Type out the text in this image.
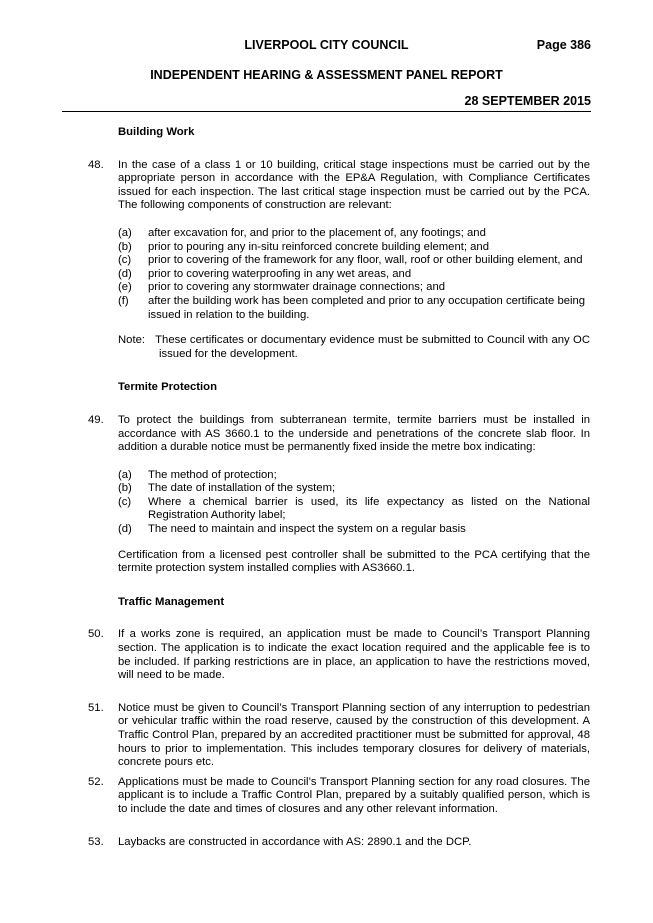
LIVERPOOL CITY COUNCIL	Page 386
INDEPENDENT HEARING & ASSESSMENT PANEL REPORT
28 SEPTEMBER 2015
Building Work
48. In the case of a class 1 or 10 building, critical stage inspections must be carried out by the appropriate person in accordance with the EP&A Regulation, with Compliance Certificates issued for each inspection. The last critical stage inspection must be carried out by the PCA. The following components of construction are relevant:
(a) after excavation for, and prior to the placement of, any footings; and
(b) prior to pouring any in-situ reinforced concrete building element; and
(c) prior to covering of the framework for any floor, wall, roof or other building element, and
(d) prior to covering waterproofing in any wet areas, and
(e) prior to covering any stormwater drainage connections; and
(f) after the building work has been completed and prior to any occupation certificate being issued in relation to the building.
Note: These certificates or documentary evidence must be submitted to Council with any OC issued for the development.
Termite Protection
49. To protect the buildings from subterranean termite, termite barriers must be installed in accordance with AS 3660.1 to the underside and penetrations of the concrete slab floor. In addition a durable notice must be permanently fixed inside the metre box indicating:
(a) The method of protection;
(b) The date of installation of the system;
(c) Where a chemical barrier is used, its life expectancy as listed on the National Registration Authority label;
(d) The need to maintain and inspect the system on a regular basis
Certification from a licensed pest controller shall be submitted to the PCA certifying that the termite protection system installed complies with AS3660.1.
Traffic Management
50. If a works zone is required, an application must be made to Council’s Transport Planning section. The application is to indicate the exact location required and the applicable fee is to be included. If parking restrictions are in place, an application to have the restrictions moved, will need to be made.
51. Notice must be given to Council’s Transport Planning section of any interruption to pedestrian or vehicular traffic within the road reserve, caused by the construction of this development. A Traffic Control Plan, prepared by an accredited practitioner must be submitted for approval, 48 hours to prior to implementation. This includes temporary closures for delivery of materials, concrete pours etc.
52. Applications must be made to Council’s Transport Planning section for any road closures. The applicant is to include a Traffic Control Plan, prepared by a suitably qualified person, which is to include the date and times of closures and any other relevant information.
53. Laybacks are constructed in accordance with AS: 2890.1 and the DCP.
